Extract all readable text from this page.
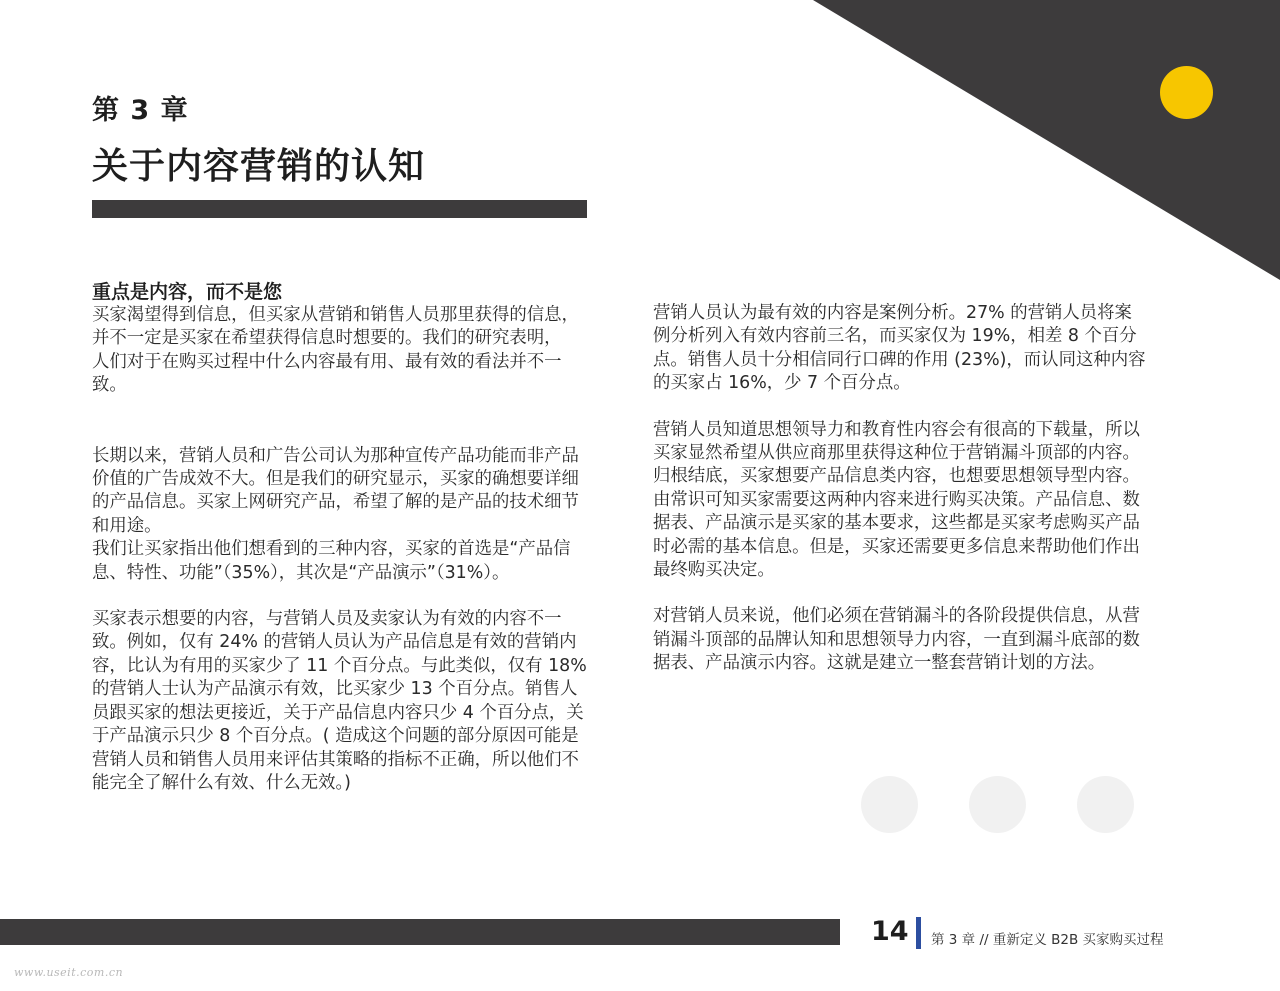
第 3 章
关于内容营销的认知

重点是内容，而不是您

买家渴望得到信息，但买家从营销和销售人员那里获得的信息，并不一定是买家在希望获得信息时想要的。我们的研究表明，

人们对于在购买过程中什么内容最有用、最有效的看法并不一致。

长期以来，营销人员和广告公司认为那种宣传产品功能而非产品价值的广告成效不大。但是我们的研究显示，买家的确想要详细的产品信息。买家上网研究产品，希望了解的是产品的技术细节和用途。

我们让买家指出他们想看到的三种内容，买家的首选是“产品信息、特性、功能”（35%），其次是“产品演示”（31%）。

买家表示想要的内容，与营销人员及卖家认为有效的内容不一致。例如，仅有 24% 的营销人员认为产品信息是有效的营销内容，比认为有用的买家少了 11 个百分点。与此类似，仅有 18% 的营销人士认为产品演示有效，比买家少 13 个百分点。销售人员跟买家的想法更接近，关于产品信息内容只少 4 个百分点，关于产品演示只少 8 个百分点。( 造成这个问题的部分原因可能是营销人员和销售人员用来评估其策略的指标不正确，所以他们不能完全了解什么有效、什么无效。)

营销人员认为最有效的内容是案例分析。27% 的营销人员将案例分析列入有效内容前三名，而买家仅为 19%，相差 8 个百分点。销售人员十分相信同行口碑的作用 (23%)，而认同这种内容的买家占 16%，少 7 个百分点。

营销人员知道思想领导力和教育性内容会有很高的下载量，所以买家显然希望从供应商那里获得这种位于营销漏斗顶部的内容。归根结底，买家想要产品信息类内容，也想要思想领导型内容。由常识可知买家需要这两种内容来进行购买决策。产品信息、数据表、产品演示是买家的基本要求，这些都是买家考虑购买产品时必需的基本信息。但是，买家还需要更多信息来帮助他们作出最终购买决定。

对营销人员来说，他们必须在营销漏斗的各阶段提供信息，从营销漏斗顶部的品牌认知和思想领导力内容，一直到漏斗底部的数据表、产品演示内容。这就是建立一整套营销计划的方法。

14 第 3 章 // 重新定义 B2B 买家购买过程
www.useit.com.cn
